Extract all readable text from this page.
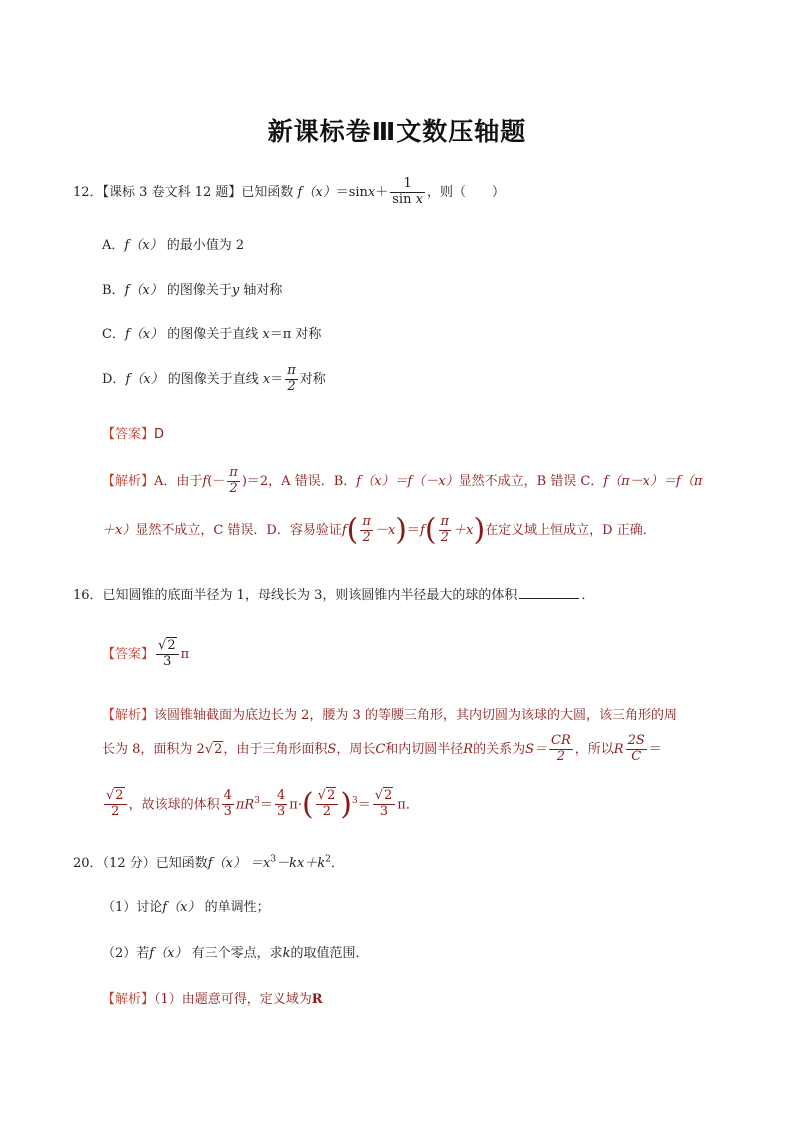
新课标卷Ⅲ文数压轴题
12．【课标 3 卷文科 12 题】已知函数 $f(x)=\sin x+ \frac{1}{\text{sin x}}$ ，则（　　）
A．f（x） 的最小值为 2
B．f（x） 的图像关于y 轴对称
C．f（x） 的图像关于直线 x＝π 对称
D．f（x） 的图像关于直线 $x= \frac{\pi}{2}$ 对称
【答案】D
【解析】A．由于$f(- \frac{\pi}{2} )=2$，A 错误．B．f（x）＝f（－x）显然不成立，B 错误 C．f（π－x）＝f（π
＋x）显然不成立，C 错误．D．容易验证$f( \frac{\pi}{2} -x)=f( \frac{\pi}{2} +x)$在定义域上恒成立，D 正确．
16．已知圆锥的底面半径为 1，母线长为 3，则该圆锥内半径最大的球的体积	．
【答案】 $\frac{√2}{3}$ π
【解析】该圆锥轴截面为底边长为 2，腰为 3 的等腰三角形，其内切圆为该球的大圆，该三角形的周
长为 8，面积为 2√2，由于三角形面积S，周长C和内切圆半径R的关系为$S= \frac{CR}{2}$ ，所以R $\frac{2S}{C}$ ＝
$\frac{√2}{2}$ ，故该球的体积 $\frac{4}{3} \pi R^3= \frac{4}{3} \pi\cdot( \frac{√2}{2} )^3= \frac{√2}{3}$ π．
20．（12 分）已知函数$f(x) =x^3-kx+k^2$．
（1）讨论f（x） 的单调性；
（2）若f（x） 有三个零点，求k的取值范围．
【解析】（1）由题意可得，定义域为R
